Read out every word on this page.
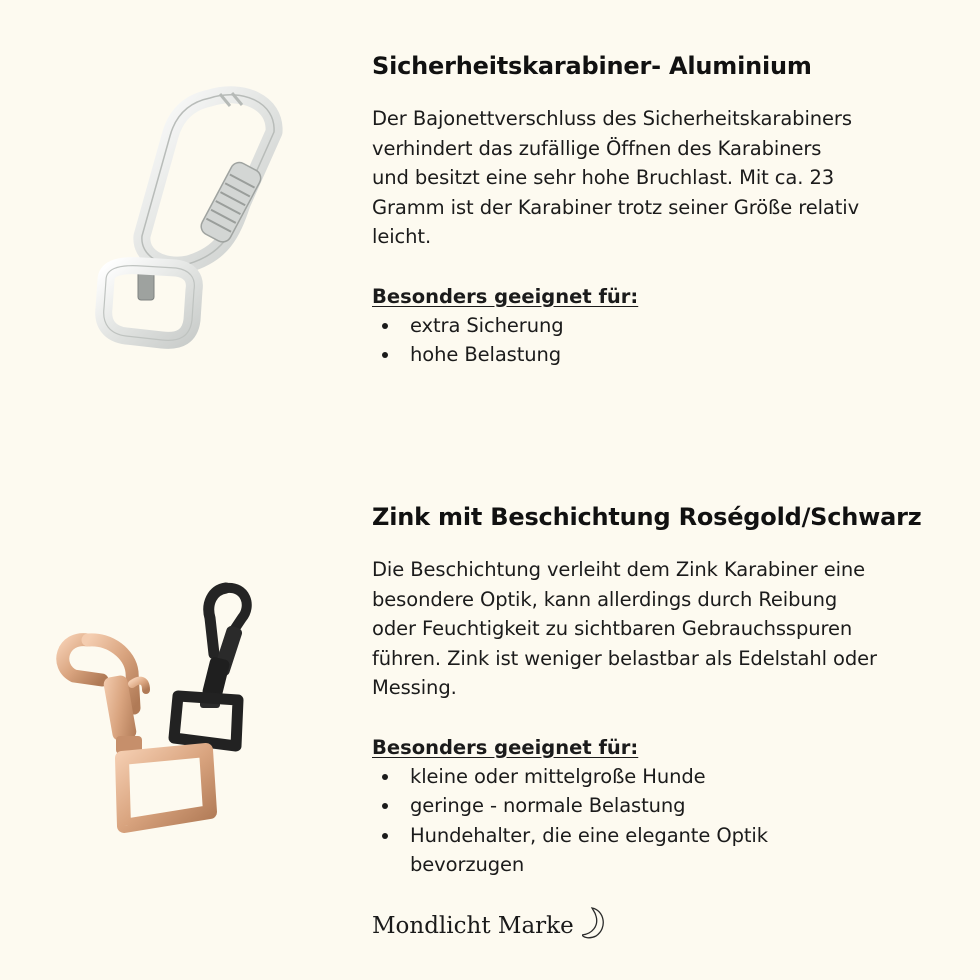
Sicherheitskarabiner- Aluminium

Der Bajonettverschluss des Sicherheitskarabiners
verhindert das zufällige Öffnen des Karabiners
und besitzt eine sehr hohe Bruchlast. Mit ca. 23
Gramm ist der Karabiner trotz seiner Größe relativ
leicht.

Besonders geeignet für:
extra Sicherung
hohe Belastung
Zink mit Beschichtung Roségold/Schwarz

Die Beschichtung verleiht dem Zink Karabiner eine
besondere Optik, kann allerdings durch Reibung
oder Feuchtigkeit zu sichtbaren Gebrauchsspuren
führen. Zink ist weniger belastbar als Edelstahl oder
Messing.

Besonders geeignet für:
kleine oder mittelgroße Hunde
geringe - normale Belastung
Hundehalter, die eine elegante Optik
bevorzugen
Mondlicht Marke
